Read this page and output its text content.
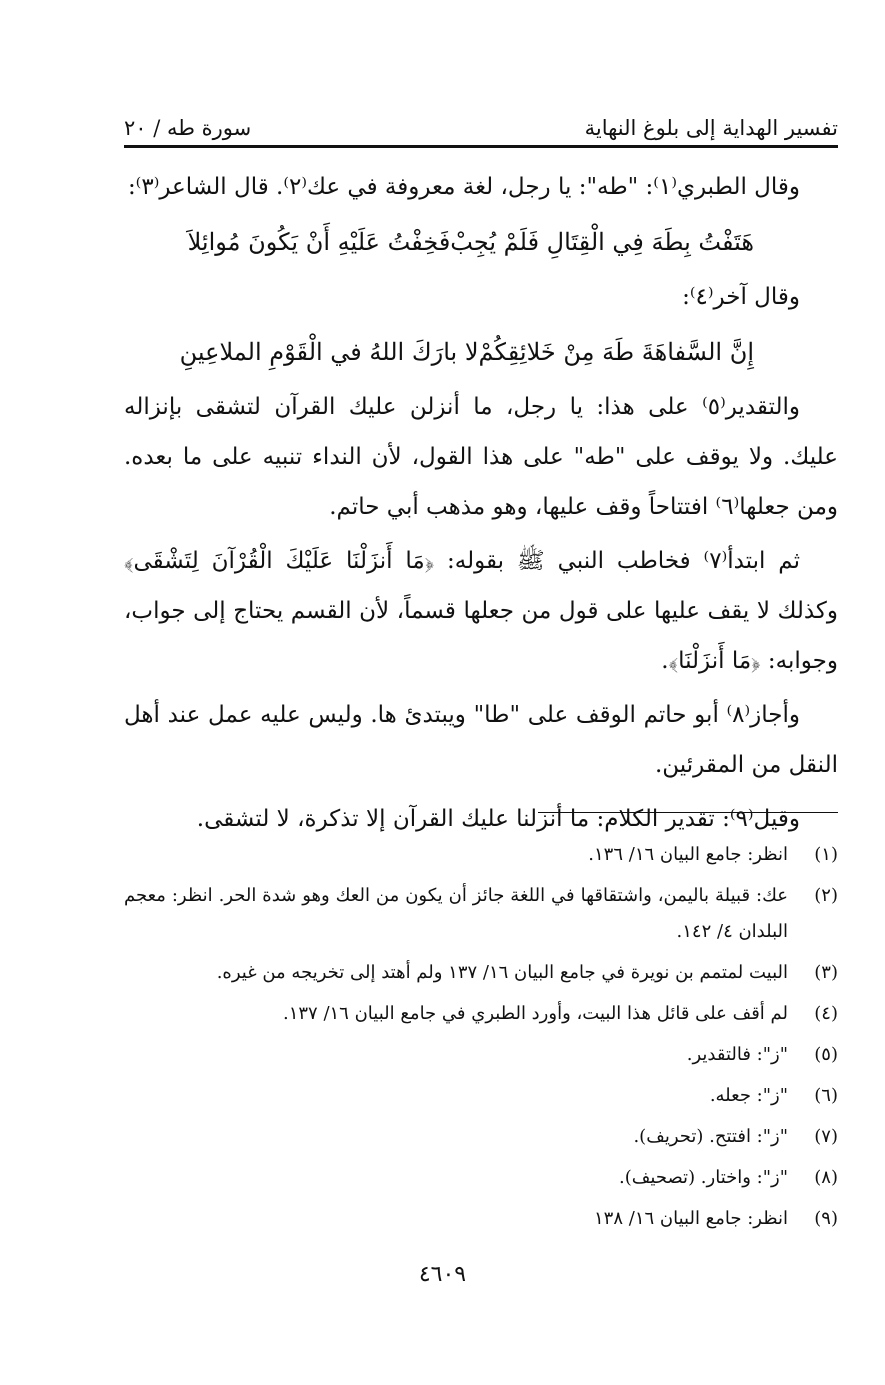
تفسير الهداية إلى بلوغ النهاية
سورة طه / ٢٠

وقال الطبري⁽١⁾: "طه": يا رجل، لغة معروفة في عك⁽٢⁾. قال الشاعر⁽٣⁾:

هَتَفْتُ بِطَهَ فِي الْقِتَالِ فَلَمْ يُجِبْ
فَخِفْتُ عَلَيْهِ أَنْ يَكُونَ مُوائِلاَ

وقال آخر⁽٤⁾:

إِنَّ السَّفاهَةَ طَهَ مِنْ خَلائِقِكُمْ
لا بارَكَ اللهُ في الْقَوْمِ الملاعِينِ

والتقدير⁽٥⁾ على هذا: يا رجل، ما أنزلن عليك القرآن لتشقى بإنزاله عليك. ولا يوقف على "طه" على هذا القول، لأن النداء تنبيه على ما بعده. ومن جعلها⁽٦⁾ افتتاحاً وقف عليها، وهو مذهب أبي حاتم.

ثم ابتدأ⁽٧⁾ فخاطب النبي ﷺ بقوله: ﴿مَا أَنزَلْنَا عَلَيْكَ الْقُرْآنَ لِتَشْقَى﴾ وكذلك لا يقف عليها على قول من جعلها قسماً، لأن القسم يحتاج إلى جواب، وجوابه: ﴿مَا أَنزَلْنَا﴾.

وأجاز⁽٨⁾ أبو حاتم الوقف على "طا" ويبتدئ ها. وليس عليه عمل عند أهل النقل من المقرئين.

وقيل⁽٩⁾: تقدير الكلام: ما أنزلنا عليك القرآن إلا تذكرة، لا لتشقى.

(١)
انظر: جامع البيان ١٦/ ١٣٦.
(٢)
عك: قبيلة باليمن، واشتقاقها في اللغة جائز أن يكون من العك وهو شدة الحر. انظر: معجم البلدان ٤/ ١٤٢.
(٣)
البيت لمتمم بن نويرة في جامع البيان ١٦/ ١٣٧ ولم أهتد إلى تخريجه من غيره.
(٤)
لم أقف على قائل هذا البيت، وأورد الطبري في جامع البيان ١٦/ ١٣٧.
(٥)
"ز": فالتقدير.
(٦)
"ز": جعله.
(٧)
"ز": افتتح. (تحريف).
(٨)
"ز": واختار. (تصحيف).
(٩)
انظر: جامع البيان ١٦/ ١٣٨
٤٦٠٩
